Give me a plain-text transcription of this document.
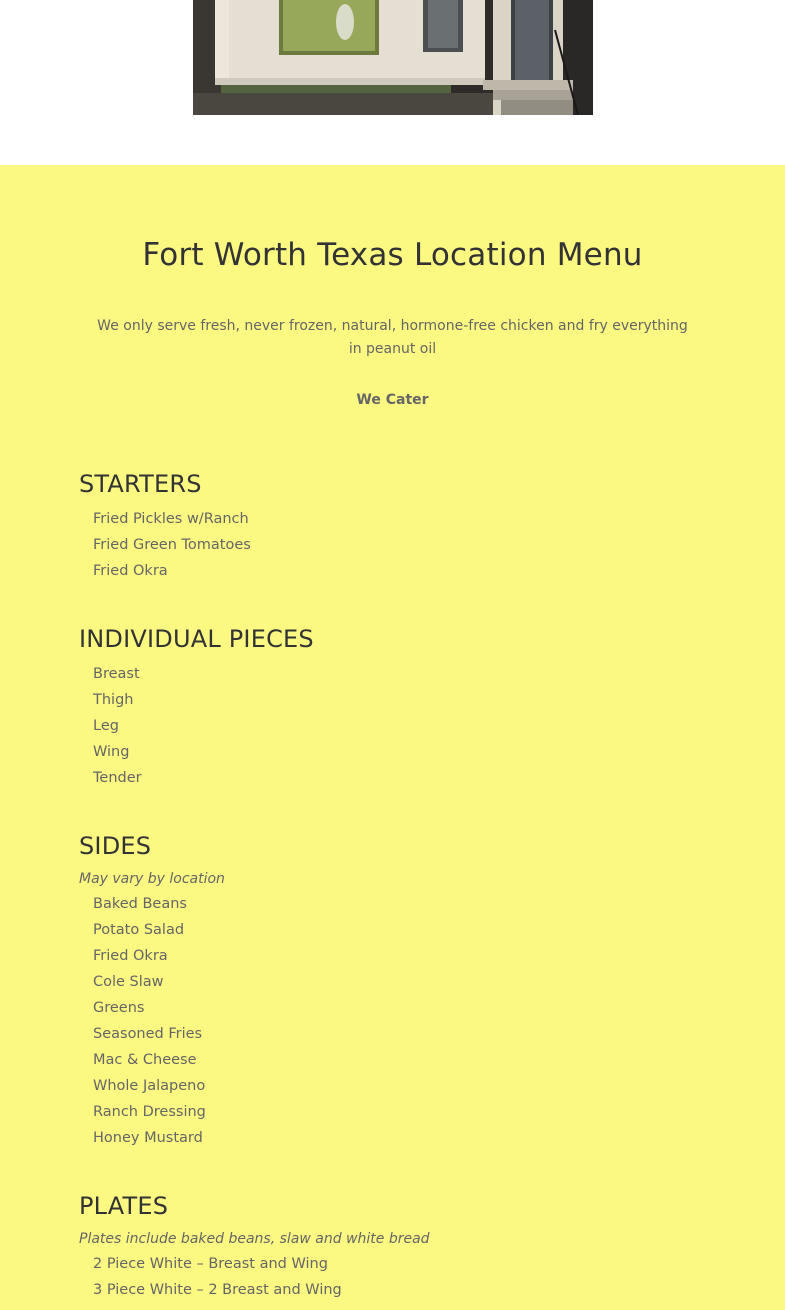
Fort Worth Texas Location Menu

We only serve fresh, never frozen, natural, hormone-free chicken and fry everything in peanut oil

We Cater

STARTERS
Fried Pickles w/Ranch
Fried Green Tomatoes
Fried Okra
INDIVIDUAL PIECES
Breast
Thigh
Leg
Wing
Tender
SIDES

May vary by location

Baked Beans
Potato Salad
Fried Okra
Cole Slaw
Greens
Seasoned Fries
Mac & Cheese
Whole Jalapeno
Ranch Dressing
Honey Mustard
PLATES

Plates include baked beans, slaw and white bread

2 Piece White – Breast and Wing
3 Piece White – 2 Breast and Wing
